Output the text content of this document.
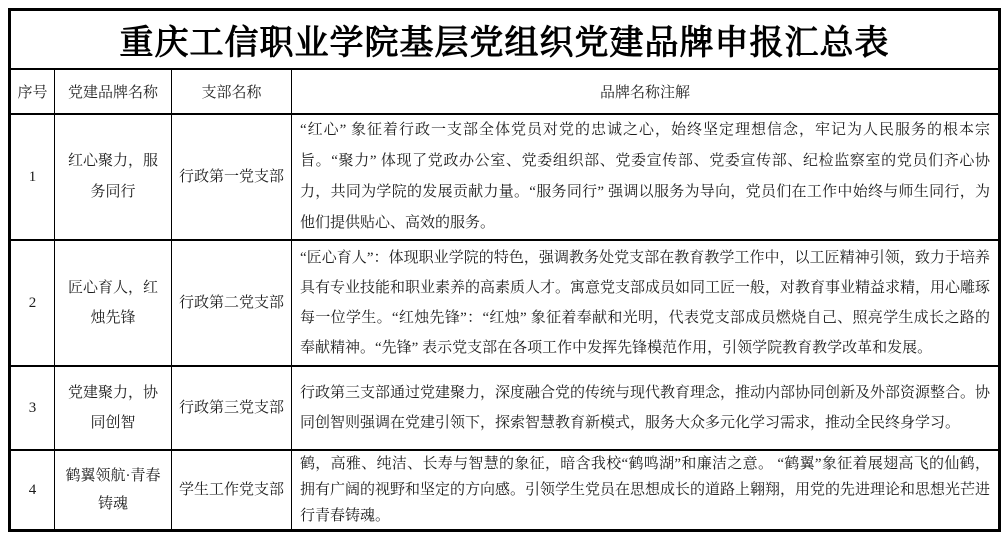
重庆工信职业学院基层党组织党建品牌申报汇总表			
序号	党建品牌名称	支部名称	品牌名称注解
1	红心聚力，服务同行	行政第一党支部	“红心” 象征着行政一支部全体党员对党的忠诚之心，始终坚定理想信念，牢记为人民服务的根本宗旨。“聚力” 体现了党政办公室、党委组织部、党委宣传部、党委宣传部、纪检监察室的党员们齐心协力，共同为学院的发展贡献力量。“服务同行” 强调以服务为导向，党员们在工作中始终与师生同行，为他们提供贴心、高效的服务。
2	匠心育人，红烛先锋	行政第二党支部	“匠心育人”：体现职业学院的特色，强调教务处党支部在教育教学工作中，以工匠精神引领，致力于培养具有专业技能和职业素养的高素质人才。寓意党支部成员如同工匠一般，对教育事业精益求精，用心雕琢每一位学生。“红烛先锋”：“红烛” 象征着奉献和光明，代表党支部成员燃烧自己、照亮学生成长之路的奉献精神。“先锋” 表示党支部在各项工作中发挥先锋模范作用，引领学院教育教学改革和发展。
3	党建聚力，协同创智	行政第三党支部	行政第三支部通过党建聚力，深度融合党的传统与现代教育理念，推动内部协同创新及外部资源整合。协同创智则强调在党建引领下，探索智慧教育新模式，服务大众多元化学习需求，推动全民终身学习。
4	鹤翼领航·青春铸魂	学生工作党支部	鹤，高雅、纯洁、长寿与智慧的象征，暗含我校“鹤鸣湖”和廉洁之意。 “鹤翼”象征着展翅高飞的仙鹤，拥有广阔的视野和坚定的方向感。引领学生党员在思想成长的道路上翱翔，用党的先进理论和思想光芒进行青春铸魂。
